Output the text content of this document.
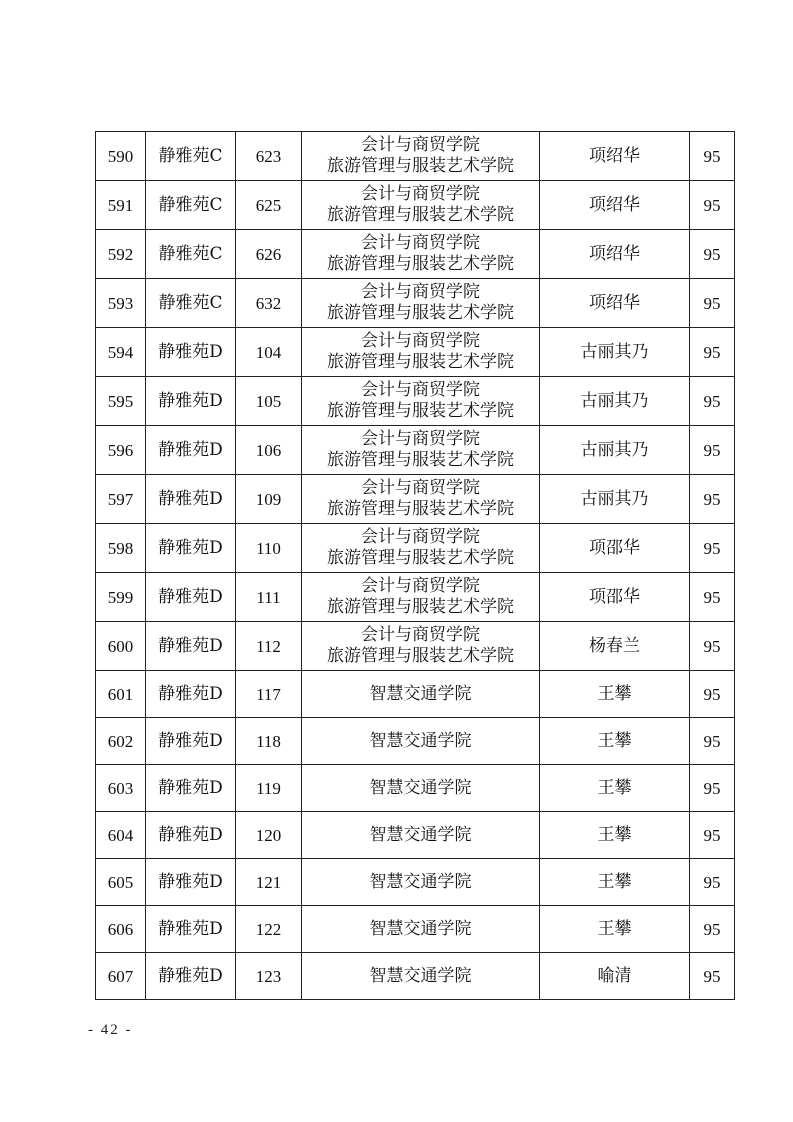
590	静雅苑C	623	会计与商贸学院
旅游管理与服装艺术学院	项绍华	95
591	静雅苑C	625	会计与商贸学院
旅游管理与服装艺术学院	项绍华	95
592	静雅苑C	626	会计与商贸学院
旅游管理与服装艺术学院	项绍华	95
593	静雅苑C	632	会计与商贸学院
旅游管理与服装艺术学院	项绍华	95
594	静雅苑D	104	会计与商贸学院
旅游管理与服装艺术学院	古丽其乃	95
595	静雅苑D	105	会计与商贸学院
旅游管理与服装艺术学院	古丽其乃	95
596	静雅苑D	106	会计与商贸学院
旅游管理与服装艺术学院	古丽其乃	95
597	静雅苑D	109	会计与商贸学院
旅游管理与服装艺术学院	古丽其乃	95
598	静雅苑D	110	会计与商贸学院
旅游管理与服装艺术学院	项邵华	95
599	静雅苑D	111	会计与商贸学院
旅游管理与服装艺术学院	项邵华	95
600	静雅苑D	112	会计与商贸学院
旅游管理与服装艺术学院	杨春兰	95
601	静雅苑D	117	智慧交通学院	王攀	95
602	静雅苑D	118	智慧交通学院	王攀	95
603	静雅苑D	119	智慧交通学院	王攀	95
604	静雅苑D	120	智慧交通学院	王攀	95
605	静雅苑D	121	智慧交通学院	王攀	95
606	静雅苑D	122	智慧交通学院	王攀	95
607	静雅苑D	123	智慧交通学院	喻清	95
- 42 -
